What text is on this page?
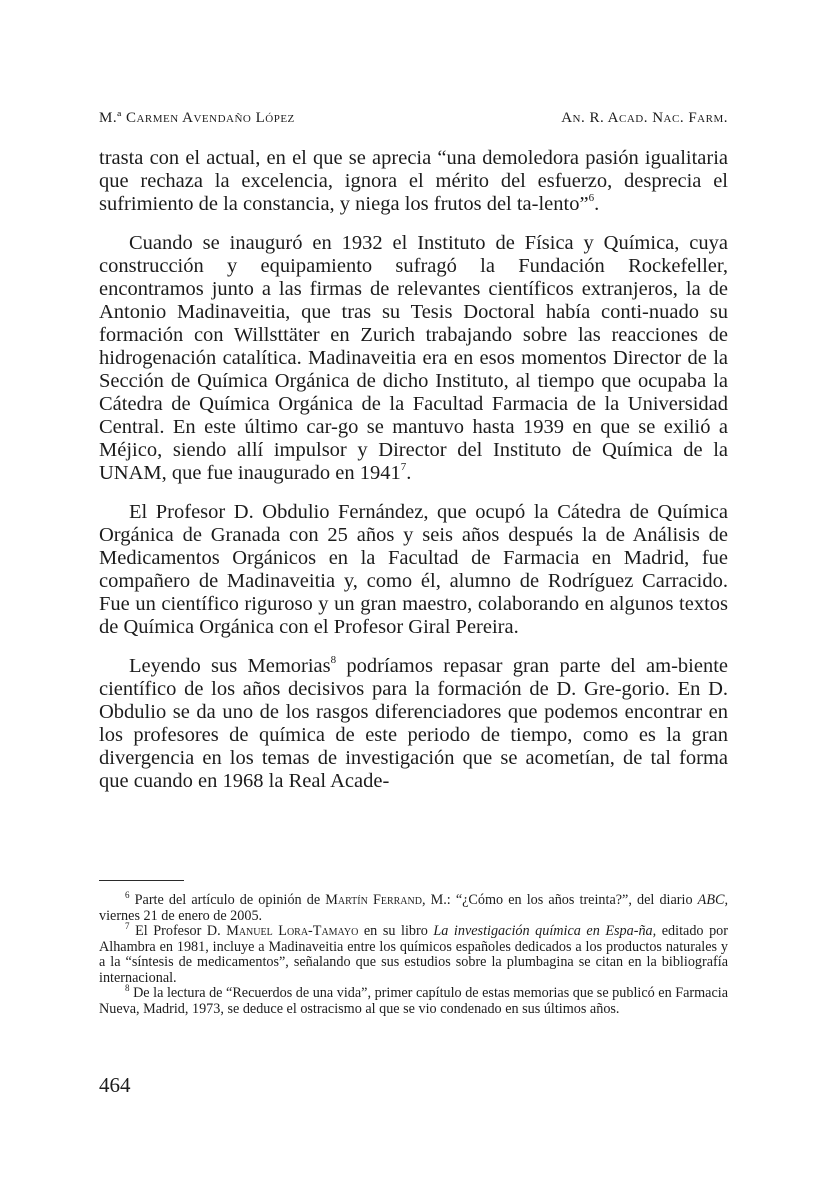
M.ª Carmen Avendaño López	An. R. Acad. Nac. Farm.

trasta con el actual, en el que se aprecia “una demoledora pasión igualitaria que rechaza la excelencia, ignora el mérito del esfuerzo, desprecia el sufrimiento de la constancia, y niega los frutos del ta-lento”$^6$.

Cuando se inauguró en 1932 el Instituto de Física y Química, cuya construcción y equipamiento sufragó la Fundación Rockefeller, encontramos junto a las firmas de relevantes científicos extranjeros, la de Antonio Madinaveitia, que tras su Tesis Doctoral había conti-nuado su formación con Willsttäter en Zurich trabajando sobre las reacciones de hidrogenación catalítica. Madinaveitia era en esos momentos Director de la Sección de Química Orgánica de dicho Instituto, al tiempo que ocupaba la Cátedra de Química Orgánica de la Facultad Farmacia de la Universidad Central. En este último car-go se mantuvo hasta 1939 en que se exilió a Méjico, siendo allí impulsor y Director del Instituto de Química de la UNAM, que fue inaugurado en 1941$^7$.

El Profesor D. Obdulio Fernández, que ocupó la Cátedra de Química Orgánica de Granada con 25 años y seis años después la de Análisis de Medicamentos Orgánicos en la Facultad de Farmacia en Madrid, fue compañero de Madinaveitia y, como él, alumno de Rodríguez Carracido. Fue un científico riguroso y un gran maestro, colaborando en algunos textos de Química Orgánica con el Profesor Giral Pereira.

Leyendo sus Memorias$^8$ podríamos repasar gran parte del am-biente científico de los años decisivos para la formación de D. Gre-gorio. En D. Obdulio se da uno de los rasgos diferenciadores que podemos encontrar en los profesores de química de este periodo de tiempo, como es la gran divergencia en los temas de investigación que se acometían, de tal forma que cuando en 1968 la Real Acade-

$^6$ Parte del artículo de opinión de Martín Ferrand, M.: “¿Cómo en los años treinta?”, del diario ABC, viernes 21 de enero de 2005.

$^7$ El Profesor D. Manuel Lora-Tamayo en su libro La investigación química en Espa-ña, editado por Alhambra en 1981, incluye a Madinaveitia entre los químicos españoles dedicados a los productos naturales y a la “síntesis de medicamentos”, señalando que sus estudios sobre la plumbagina se citan en la bibliografía internacional.

$^8$ De la lectura de “Recuerdos de una vida”, primer capítulo de estas memorias que se publicó en Farmacia Nueva, Madrid, 1973, se deduce el ostracismo al que se vio condenado en sus últimos años.

464
